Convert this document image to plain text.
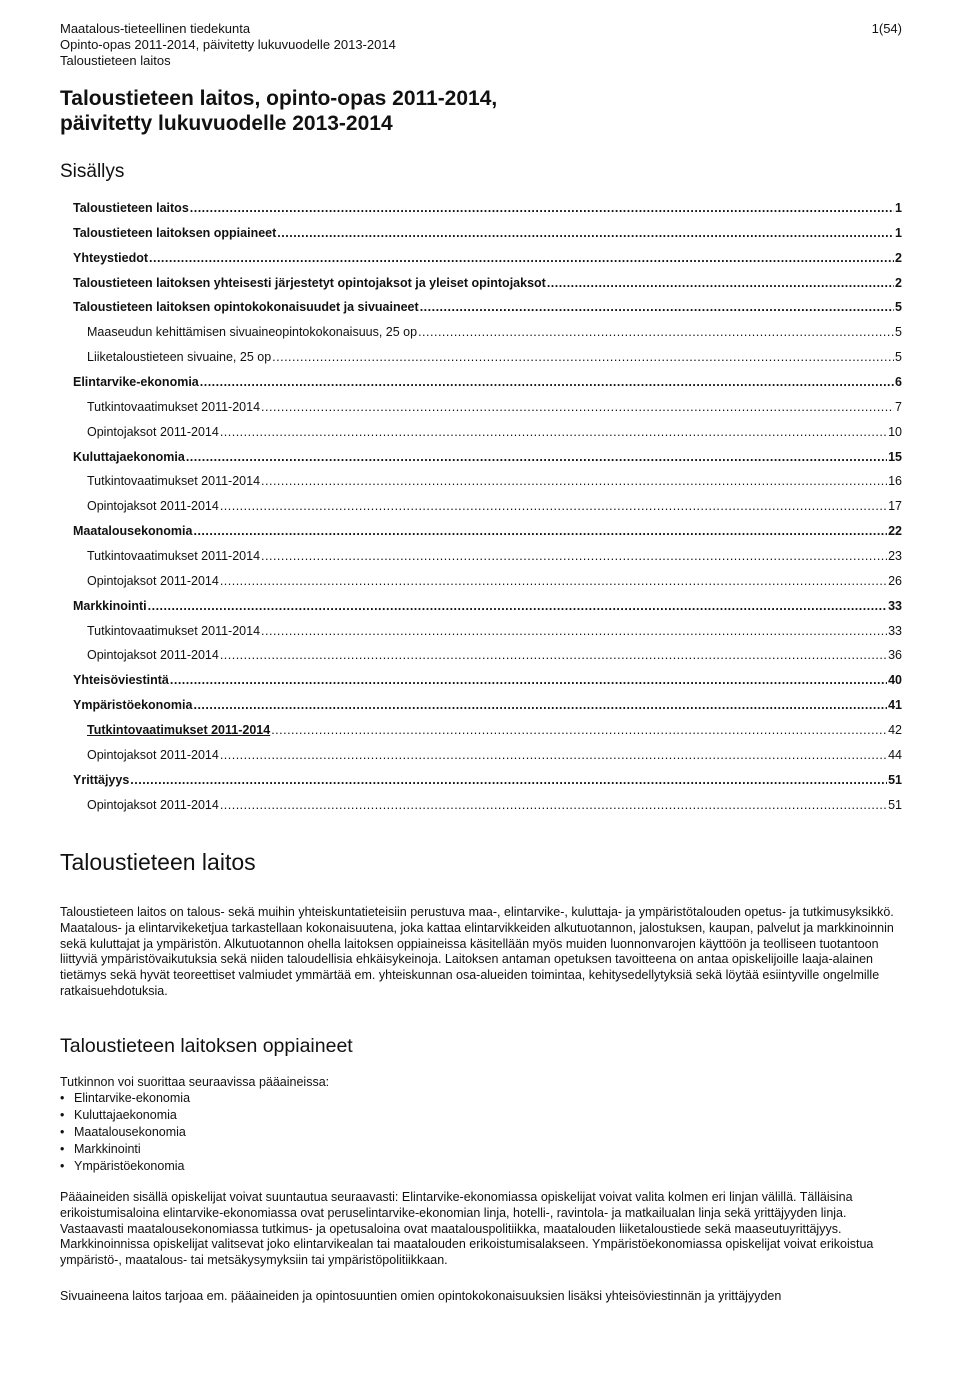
Maatalous-tieteellinen tiedekunta
Opinto-opas 2011-2014, päivitetty lukuvuodelle 2013-2014
Taloustieteen laitos
1(54)
Taloustieteen laitos, opinto-opas 2011-2014,
päivitetty lukuvuodelle 2013-2014
Sisällys
Taloustieteen laitos .....	1
Taloustieteen laitoksen oppiaineet .....	1
Yhteystiedot .....	2
Taloustieteen laitoksen yhteisesti järjestetyt opintojaksot ja yleiset opintojaksot .....	2
Taloustieteen laitoksen opintokokonaisuudet ja sivuaineet .....	5
Maaseudun kehittämisen sivuaineopintokokonaisuus, 25 op .....	5
Liiketaloustieteen sivuaine, 25 op .....	5
Elintarvike-ekonomia .....	6
Tutkintovaatimukset 2011-2014 .....	7
Opintojaksot 2011-2014 .....	10
Kuluttajaekonomia .....	15
Tutkintovaatimukset 2011-2014 .....	16
Opintojaksot 2011-2014 .....	17
Maatalousekonomia .....	22
Tutkintovaatimukset 2011-2014 .....	23
Opintojaksot 2011-2014 .....	26
Markkinointi .....	33
Tutkintovaatimukset 2011-2014 .....	33
Opintojaksot 2011-2014 .....	36
Yhteisöviestintä .....	40
Ympäristöekonomia .....	41
Tutkintovaatimukset 2011-2014 .....	42
Opintojaksot 2011-2014 .....	44
Yrittäjyys .....	51
Opintojaksot 2011-2014 .....	51
Taloustieteen laitos

Taloustieteen laitos on talous- sekä muihin yhteiskuntatieteisiin perustuva maa-, elintarvike-, kuluttaja- ja ympäristötalouden opetus- ja tutkimusyksikkö. Maatalous- ja elintarvikeketjua tarkastellaan kokonaisuutena, joka kattaa elintarvikkeiden alkutuotannon, jalostuksen, kaupan, palvelut ja markkinoinnin sekä kuluttajat ja ympäristön. Alkutuotannon ohella laitoksen oppiaineissa käsitellään myös muiden luonnonvarojen käyttöön ja teolliseen tuotantoon liittyviä ympäristövaikutuksia sekä niiden taloudellisia ehkäisykeinoja. Laitoksen antaman opetuksen tavoitteena on antaa opiskelijoille laaja-alainen tietämys sekä hyvät teoreettiset valmiudet ymmärtää em. yhteiskunnan osa-alueiden toimintaa, kehitysedellytyksiä sekä löytää esiintyville ongelmille ratkaisuehdotuksia.

Taloustieteen laitoksen oppiaineet

Tutkinnon voi suorittaa seuraavissa pääaineissa:

• Elintarvike-ekonomia
• Kuluttajaekonomia
• Maatalousekonomia
• Markkinointi
• Ympäristöekonomia

Pääaineiden sisällä opiskelijat voivat suuntautua seuraavasti: Elintarvike-ekonomiassa opiskelijat voivat valita kolmen eri linjan välillä. Tälläisina erikoistumisaloina elintarvike-ekonomiassa ovat peruselintarvike-ekonomian linja, hotelli-, ravintola- ja matkailualan linja sekä yrittäjyyden linja. Vastaavasti maatalousekonomiassa tutkimus- ja opetusaloina ovat maatalouspolitiikka, maatalouden liiketaloustiede sekä maaseutuyrittäjyys. Markkinoinnissa opiskelijat valitsevat joko elintarvikealan tai maatalouden erikoistumisalakseen. Ympäristöekonomiassa opiskelijat voivat erikoistua ympäristö-, maatalous- tai metsäkysymyksiin tai ympäristöpolitiikkaan.

Sivuaineena laitos tarjoaa em. pääaineiden ja opintosuuntien omien opintokokonaisuuksien lisäksi yhteisöviestinnän ja yrittäjyyden
